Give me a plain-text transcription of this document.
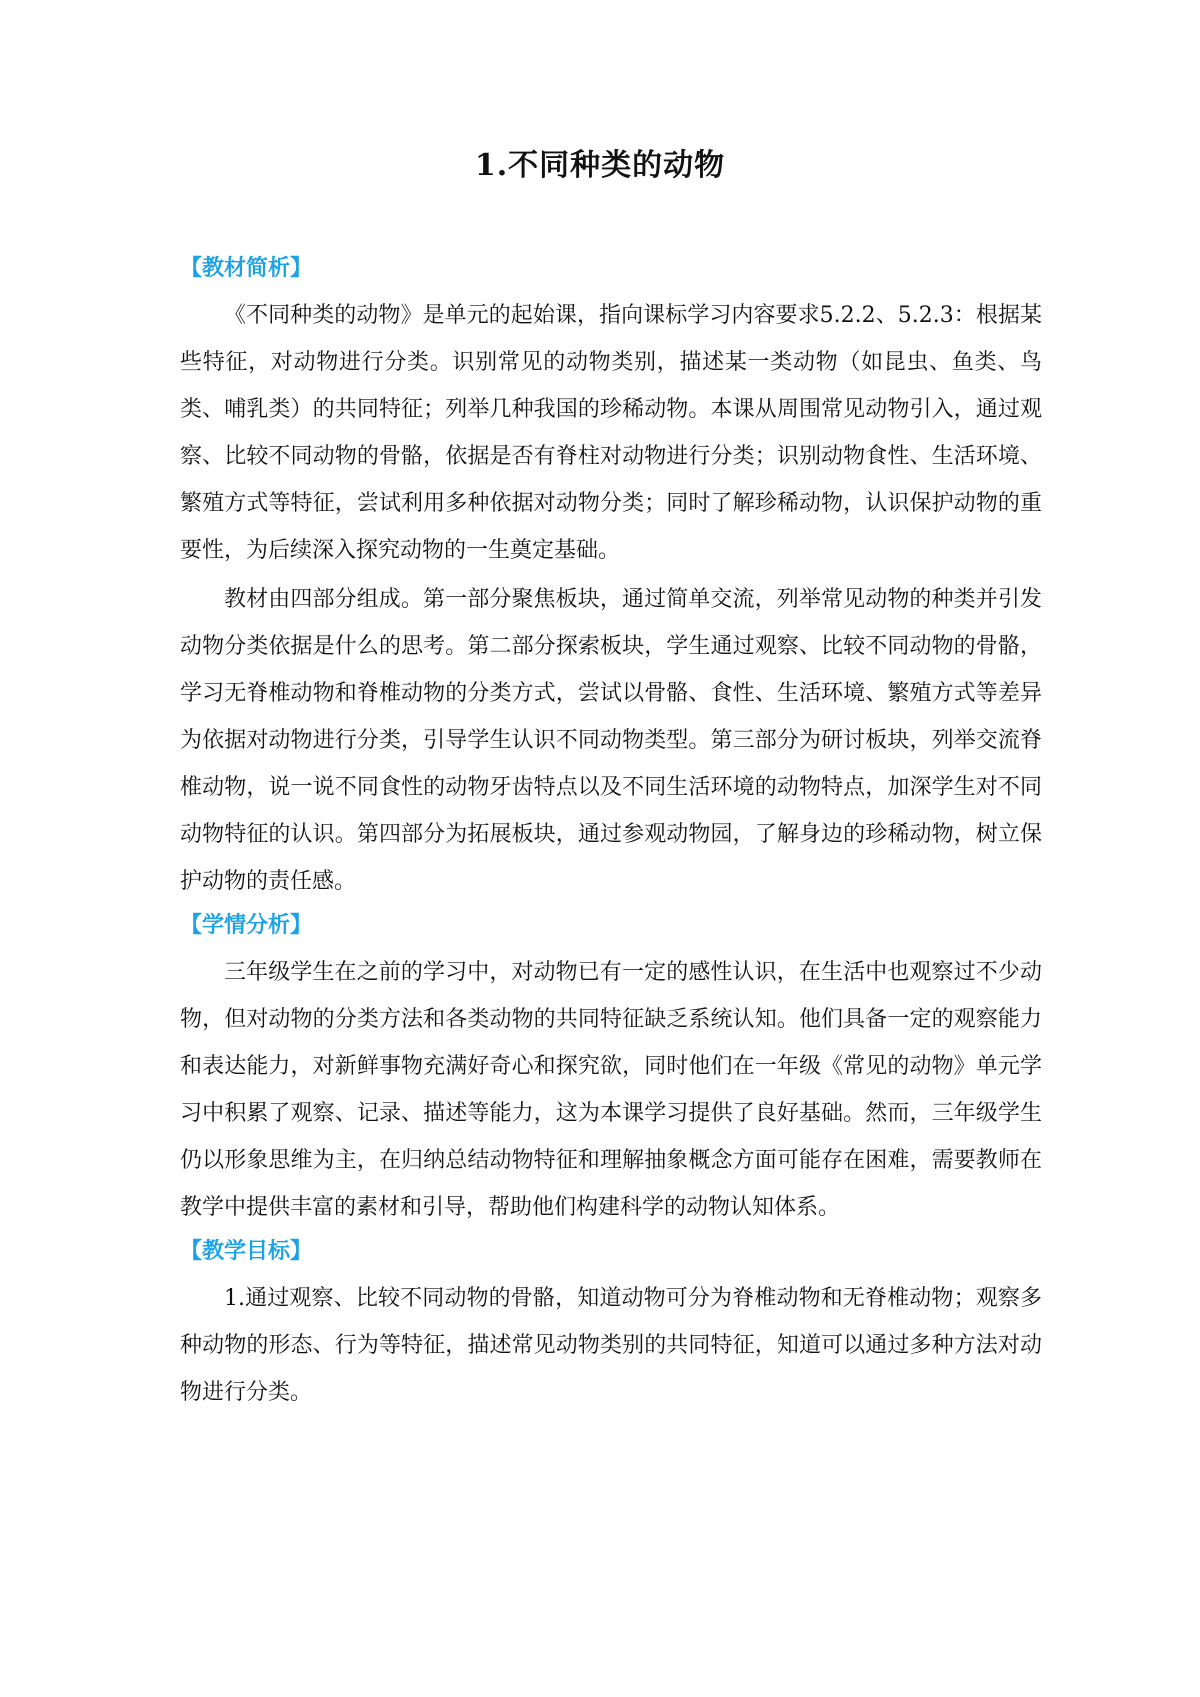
1.不同种类的动物
【教材简析】

《不同种类的动物》是单元的起始课，指向课标学习内容要求5.2.2、5.2.3：根据某些特征，对动物进行分类。识别常见的动物类别，描述某一类动物（如昆虫、鱼类、鸟类、哺乳类）的共同特征；列举几种我国的珍稀动物。本课从周围常见动物引入，通过观察、比较不同动物的骨骼，依据是否有脊柱对动物进行分类；识别动物食性、生活环境、繁殖方式等特征，尝试利用多种依据对动物分类；同时了解珍稀动物，认识保护动物的重要性，为后续深入探究动物的一生奠定基础。

教材由四部分组成。第一部分聚焦板块，通过简单交流，列举常见动物的种类并引发动物分类依据是什么的思考。第二部分探索板块，学生通过观察、比较不同动物的骨骼，学习无脊椎动物和脊椎动物的分类方式，尝试以骨骼、食性、生活环境、繁殖方式等差异为依据对动物进行分类，引导学生认识不同动物类型。第三部分为研讨板块，列举交流脊椎动物，说一说不同食性的动物牙齿特点以及不同生活环境的动物特点，加深学生对不同动物特征的认识。第四部分为拓展板块，通过参观动物园，了解身边的珍稀动物，树立保护动物的责任感。

【学情分析】

三年级学生在之前的学习中，对动物已有一定的感性认识，在生活中也观察过不少动物，但对动物的分类方法和各类动物的共同特征缺乏系统认知。他们具备一定的观察能力和表达能力，对新鲜事物充满好奇心和探究欲，同时他们在一年级《常见的动物》单元学习中积累了观察、记录、描述等能力，这为本课学习提供了良好基础。然而，三年级学生仍以形象思维为主，在归纳总结动物特征和理解抽象概念方面可能存在困难，需要教师在教学中提供丰富的素材和引导，帮助他们构建科学的动物认知体系。

【教学目标】

1.通过观察、比较不同动物的骨骼，知道动物可分为脊椎动物和无脊椎动物；观察多种动物的形态、行为等特征，描述常见动物类别的共同特征，知道可以通过多种方法对动物进行分类。
